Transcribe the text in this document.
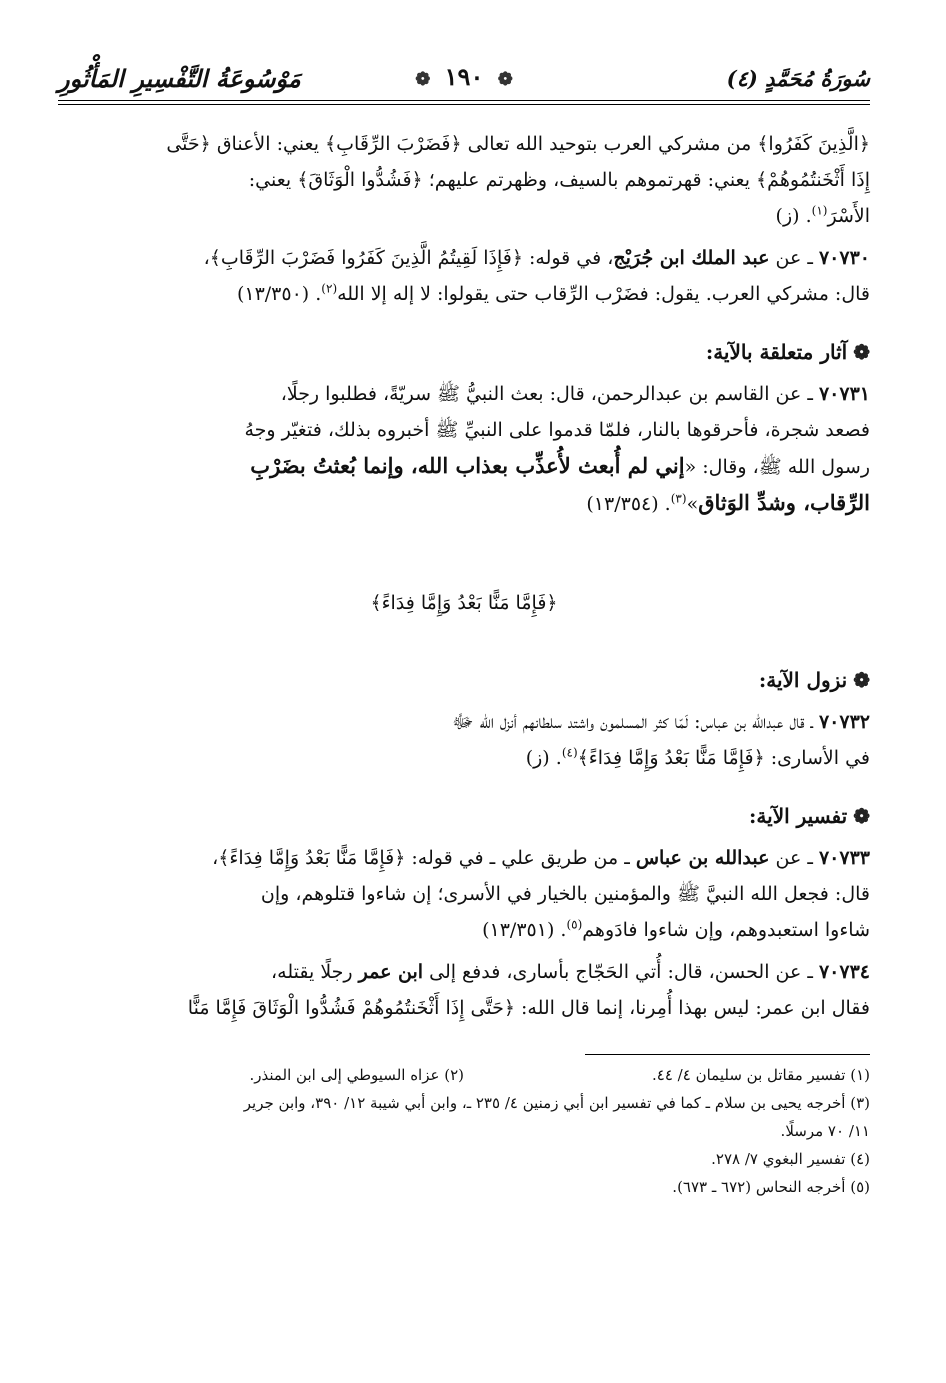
سُورَةُ مُحَمَّدٍ (٤)
❁ ١٩٠ ❁
مَوْسُوعَةُ التَّفْسِيرِ المَأْثُورِ

﴿الَّذِينَ كَفَرُوا﴾ من مشركي العرب بتوحيد الله تعالى ﴿فَضَرْبَ الرِّقَابِ﴾ يعني: الأعناق ﴿حَتَّى

إِذَا أَثْخَنتُمُوهُمْ﴾ يعني: قهرتموهم بالسيف، وظهرتم عليهم؛ ﴿فَشُدُّوا الْوَثَاقَ﴾ يعني:

الأَسْرَ$^{(١)}$. (ز)

٧٠٧٣٠ ـ عن عبد الملك ابن جُرَيْج، في قوله: ﴿فَإِذَا لَقِيتُمُ الَّذِينَ كَفَرُوا فَضَرْبَ الرِّقَابِ﴾،

قال: مشركي العرب. يقول: فضَرْب الرِّقاب حتى يقولوا: لا إله إلا الله$^{(٢)}$. (١٣/٣٥٠)

❁آثار متعلقة بالآية:

٧٠٧٣١ ـ عن القاسم بن عبدالرحمن، قال: بعث النبيُّ ﷺ سريّةً، فطلبوا رجلًا،

فصعد شجرة، فأحرقوها بالنار، فلمّا قدموا على النبيِّ ﷺ أخبروه بذلك، فتغيّر وجهُ

رسول الله ﷺ، وقال: «إني لم أُبعث لأُعذِّب بعذاب الله، وإنما بُعثتُ بضَرْبِ

الرِّقاب، وشدِّ الوَثاق»$^{(٣)}$. (١٣/٣٥٤)

﴿فَإِمَّا مَنًّا بَعْدُ وَإِمَّا فِدَاءً﴾

❁نزول الآية:

٧٠٧٣٢ ـ قال عبدالله بن عباس: لَمّا كثر المسلمون واشتد سلطانهم أنزل الله ﷻ

في الأسارى: ﴿فَإِمَّا مَنًّا بَعْدُ وَإِمَّا فِدَاءً﴾$^{(٤)}$. (ز)

❁تفسير الآية:

٧٠٧٣٣ ـ عن عبدالله بن عباس ـ من طريق علي ـ في قوله: ﴿فَإِمَّا مَنًّا بَعْدُ وَإِمَّا فِدَاءً﴾،

قال: فجعل الله النبيَّ ﷺ والمؤمنين بالخيار في الأسرى؛ إن شاءوا قتلوهم، وإن

شاءوا استعبدوهم، وإن شاءوا فادَوهم$^{(٥)}$. (١٣/٣٥١)

٧٠٧٣٤ ـ عن الحسن، قال: أُتي الحَجّاج بأسارى، فدفع إلى ابن عمر رجلًا يقتله،

فقال ابن عمر: ليس بهذا أُمِرنا، إنما قال الله: ﴿حَتَّى إِذَا أَثْخَنتُمُوهُمْ فَشُدُّوا الْوَثَاقَ فَإِمَّا مَنًّا

(١) تفسير مقاتل بن سليمان ٤/ ٤٤.
(٢) عزاه السيوطي إلى ابن المنذر.

(٣) أخرجه يحيى بن سلام ـ كما في تفسير ابن أبي زمنين ٤/ ٢٣٥ ـ، وابن أبي شيبة ١٢/ ٣٩٠، وابن جرير

١١/ ٧٠ مرسلًا.

(٤) تفسير البغوي ٧/ ٢٧٨.

(٥) أخرجه النحاس (٦٧٢ ـ ٦٧٣).
